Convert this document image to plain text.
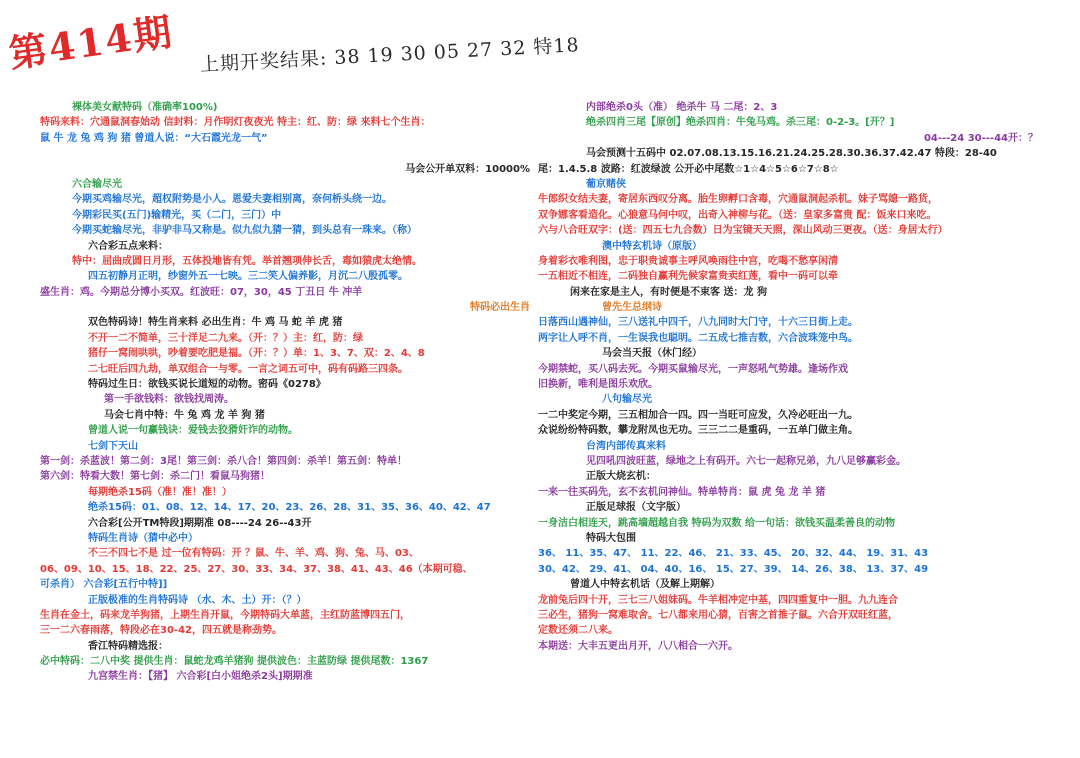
第414期 上期开奖结果: 38 19 30 05 27 32 特18
裸体美女献特码（准确率100%)
特码来料：穴通鼠洞春始动 信封料：月作明灯夜夜光 特主：红、防：绿 来料七个生肖：
鼠 牛 龙 兔 鸡 狗 猪 曾道人说：“大石霞光龙一气”
马会公开单双料：10000%
六合输尽光
今期买鸡输尽光，超权附势是小人。恩爱夫妻相别离，奈何桥头绕一边。
今期彩民买(五门)输精光，买（二门，三门）中
今期买蛇输尽光，非驴非马又称是。似九似九猜一猜，到头总有一珠来。（称）
六合彩五点来料：
特中：屈曲成圆日月形，五体投地皆有凭。举首翘项伸长舌，毒如猿虎太绝情。
四五初静月正明，纱窗外五一七映。三二笑人偏养影，月沉二八殷孤零。
盛生肖：鸡。今期总分博小买双。红波旺：07，30，45 丁丑日 牛 冲羊
特码必出生肖
双色特码诗！特生肖来料 必出生肖：牛 鸡 马 蛇 羊 虎 猪
不开一二不简单，三十洋足二九来。（开：？）主：红，防：绿
猪仔一窝闹哄哄，吵着要吃肥是福。（开：？）单：1、3、7、双：2、4、8
二七旺后四九劫，单双组合一与零。一言之词五可中，码有码路三四条。
特码过生日：欲钱买说长道短的动物。密码《0278》
第一手欲钱料：欲钱找周涛。
马会七肖中特：牛 兔 鸡 龙 羊 狗 猪
曾道人说一句赢钱诀：爱钱去狡猾奸诈的动物。
七剑下天山
第一剑：杀蓝波！第二剑：3尾！第三剑：杀八合！第四剑：杀羊！第五剑：特单！
第六剑：特看大数！第七剑：杀二门！看鼠马狗猪！
每期绝杀15码（准！准！准！）
绝杀15码：01、08、12、14、17、20、23、26、28、31、35、36、40、42、47
六合彩[公开TM特段]期期准 08----24 26--43开
特码生肖诗（猜中必中）
不三不四七不是 过一位有特码：开 ？鼠、牛、羊、鸡、狗、兔、马、03、
06、09、10、15、18、22、25、27、30、33、34、37、38、41、43、46（本期可稳、
可杀肖） 六合彩[五行中特]]
正版极准的生肖特码诗 （水、木、土）开：（？）
生肖在金土，码来龙羊狗猪，上期生肖开鼠，今期特码大单蓝，主红防蓝博四五门，
三一二六春雨落，特段必在30-42，四五就是称劲势。
香江特码精选报：
必中特码：二八中奖 提供生肖：鼠蛇龙鸡羊猪狗 提供波色：主蓝防绿 提供尾数：1367
九宫禁生肖：【猪】 六合彩[白小姐绝杀2头]期期准
内部绝杀0头（准） 绝杀牛 马 二尾：2、3
绝杀四肖三尾【原创】绝杀四肖：牛兔马鸡。杀三尾：0-2-3。[开？]
04---24 30---44开：？
马会预测十五码中 02.07.08.13.15.16.21.24.25.28.30.36.37.42.47 特段：28-40
尾：1.4.5.8 波路：红波绿波 公开必中尾数☆1☆4☆5☆6☆7☆8☆
葡京赌侠
牛郎织女结夫妻，寄居东西叹分离。胎生卵孵口含毒，穴通鼠洞起杀机。妹子骂媳一路货，
双争娜客看造化。心狼意马何中叹，出奇入神柳与花。（送：皇家多富贵 配：饭来口来吃。
六与八合旺双字：(送：四五七九合数）日为宝镜天天照，深山风动三更夜。（送：身居太行）
澳中特玄机诗（原版）
身着彩衣唯利图，忠于职贵诚事主呼风唤雨往中宫，吃喝不愁享闲清
一五相近不相连，二码独自赢利先候家富贵卖红莲，看中一码可以牵
闲来在家是主人，有时便是不束客 送：龙 狗
曾先生总纲诗
日落西山遇神仙，三八送礼中四千，八九同时大门守，十六三日街上走。
两字让人呼不肖，一生误我也聪明。二五成七推吉数，六合波珠笼中鸟。
马会当天报（休门经）
今期禁蛇，买八码去死。今期买鼠输尽光，一声怒吼气势雄。逢场作戏
旧换新，唯利是图乐欢欣。
八句输尽光
一二中奖定今期，三五相加合一四。四一当旺可应发，久冷必旺出一九。
众说纷纷特码数，攀龙附凤也无功。三三二二是重码，一五单门做主角。
台湾内部传真来料
见四吼四波旺蓝，绿地之上有码开。六七一起称兄弟，九八足够赢彩金。
正版大烧玄机：
一来一往买码先，玄不玄机问神仙。特单特肖：鼠 虎 兔 龙 羊 猪
正版足球报（文字版）
一身洁白相连天，跳高墙超越自我 特码为双数 给一句话：欲钱买温柔善良的动物
特码大包围
36、 11、35、47、 11、22、46、 21、33、45、 20、32、44、 19、31、43
30、42、 29、41、 04、40、16、 15、27、39、 14、26、38、 13、37、49
曾道人中特玄机话（及解上期解）
龙前兔后四十开，三七三八姐妹码。牛羊相冲定中基，四四重复中一胆。九九连合
三必生，猪狗一窝难取舍。七八都来用心猜，百害之首推子鼠。六合开双旺红蓝，
定数还须二八来。
本期送：大丰五更出月开，八八相合一六开。
